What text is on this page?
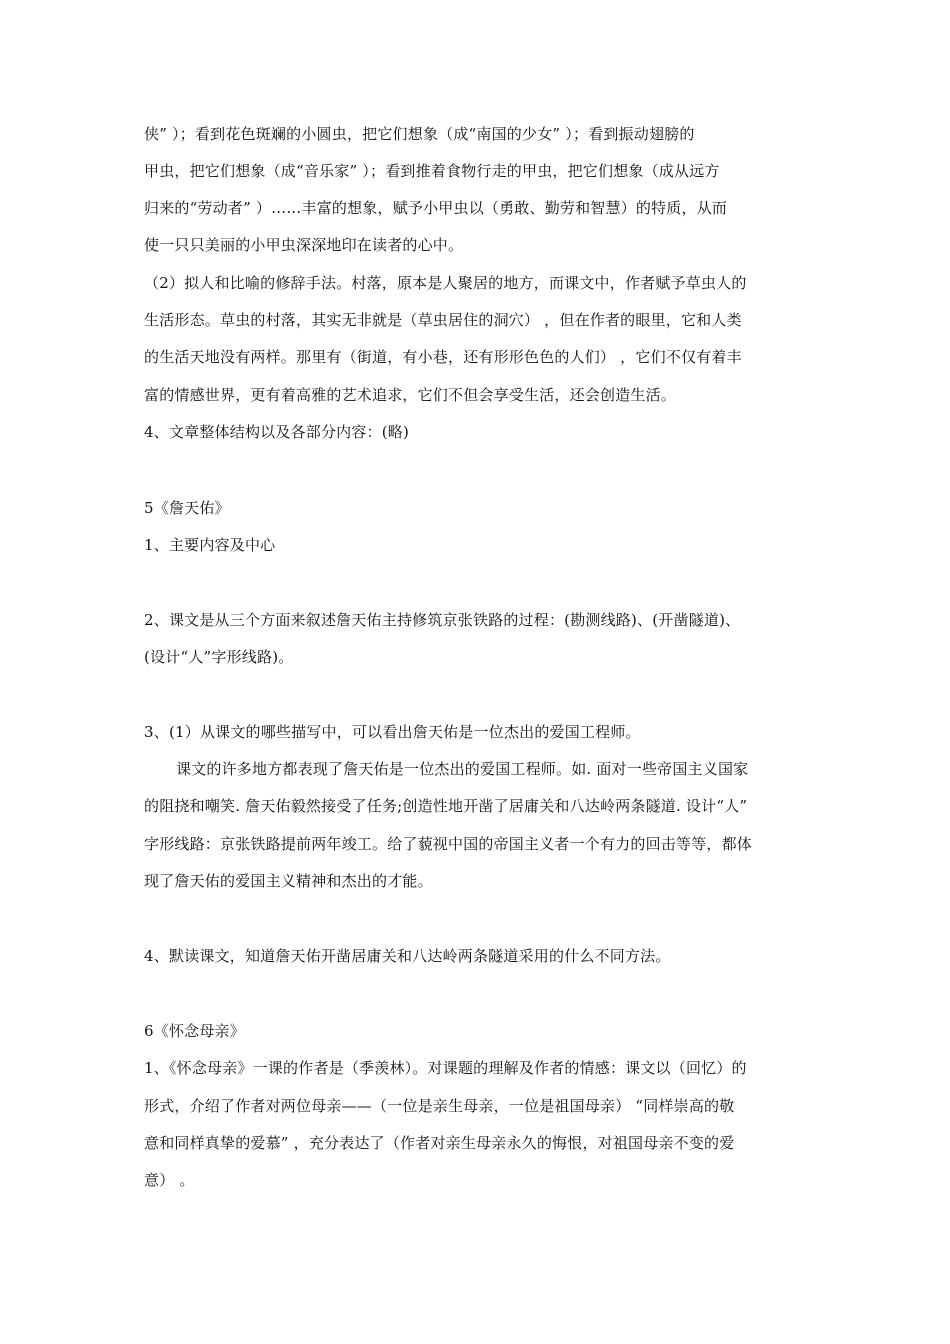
侠” ）；看到花色斑斓的小圆虫，把它们想象（成“南国的少女” ）；看到振动翅膀的
甲虫，把它们想象（成“音乐家” ）；看到推着食物行走的甲虫，把它们想象（成从远方
归来的“劳动者” ）……丰富的想象，赋予小甲虫以（勇敢、勤劳和智慧）的特质，从而
使一只只美丽的小甲虫深深地印在读者的心中。
（2）拟人和比喻的修辞手法。村落，原本是人聚居的地方，而课文中，作者赋予草虫人的
生活形态。草虫的村落，其实无非就是（草虫居住的洞穴） ，但在作者的眼里，它和人类
的生活天地没有两样。那里有（街道，有小巷，还有形形色色的人们） ，它们不仅有着丰
富的情感世界，更有着高雅的艺术追求，它们不但会享受生活，还会创造生活。
4、文章整体结构以及各部分内容：(略)
5《詹天佑》
1、主要内容及中心
2、课文是从三个方面来叙述詹天佑主持修筑京张铁路的过程：(勘测线路)、(开凿隧道)、
(设计“人”字形线路)。
3、(1）从课文的哪些描写中，可以看出詹天佑是一位杰出的爱国工程师。
课文的许多地方都表现了詹天佑是一位杰出的爱国工程师。如. 面对一些帝国主义国家
的阻挠和嘲笑. 詹天佑毅然接受了任务;创造性地开凿了居庸关和八达岭两条隧道. 设计“人”
字形线路：京张铁路提前两年竣工。给了藐视中国的帝国主义者一个有力的回击等等，都体
现了詹天佑的爱国主义精神和杰出的才能。
4、默读课文，知道詹天佑开凿居庸关和八达岭两条隧道采用的什么不同方法。
6《怀念母亲》
1、《怀念母亲》一课的作者是（季羡林）。对课题的理解及作者的情感：课文以（回忆）的
形式，介绍了作者对两位母亲——（一位是亲生母亲，一位是祖国母亲） “同样崇高的敬
意和同样真挚的爱慕” ，充分表达了（作者对亲生母亲永久的悔恨，对祖国母亲不变的爱
意） 。
